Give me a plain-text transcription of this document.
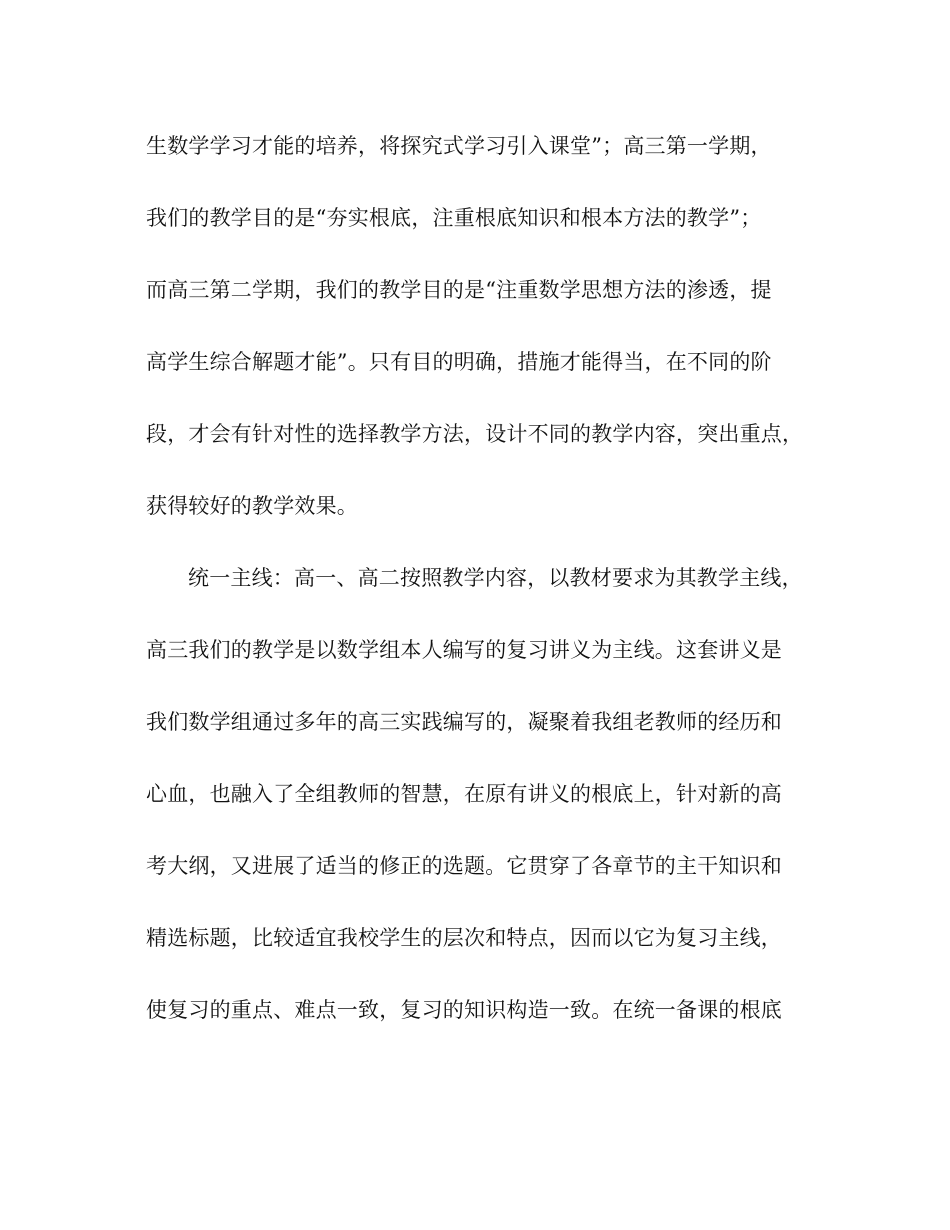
生数学学习才能的培养，将探究式学习引入课堂”；高三第一学期，
我们的教学目的是“夯实根底，注重根底知识和根本方法的教学”；
而高三第二学期，我们的教学目的是“注重数学思想方法的渗透，提
高学生综合解题才能”。只有目的明确，措施才能得当，在不同的阶
段，才会有针对性的选择教学方法，设计不同的教学内容，突出重点，
获得较好的教学效果。
统一主线：高一、高二按照教学内容，以教材要求为其教学主线，
高三我们的教学是以数学组本人编写的复习讲义为主线。这套讲义是
我们数学组通过多年的高三实践编写的，凝聚着我组老教师的经历和
心血，也融入了全组教师的智慧，在原有讲义的根底上，针对新的高
考大纲，又进展了适当的修正的选题。它贯穿了各章节的主干知识和
精选标题，比较适宜我校学生的层次和特点，因而以它为复习主线，
使复习的重点、难点一致，复习的知识构造一致。在统一备课的根底
